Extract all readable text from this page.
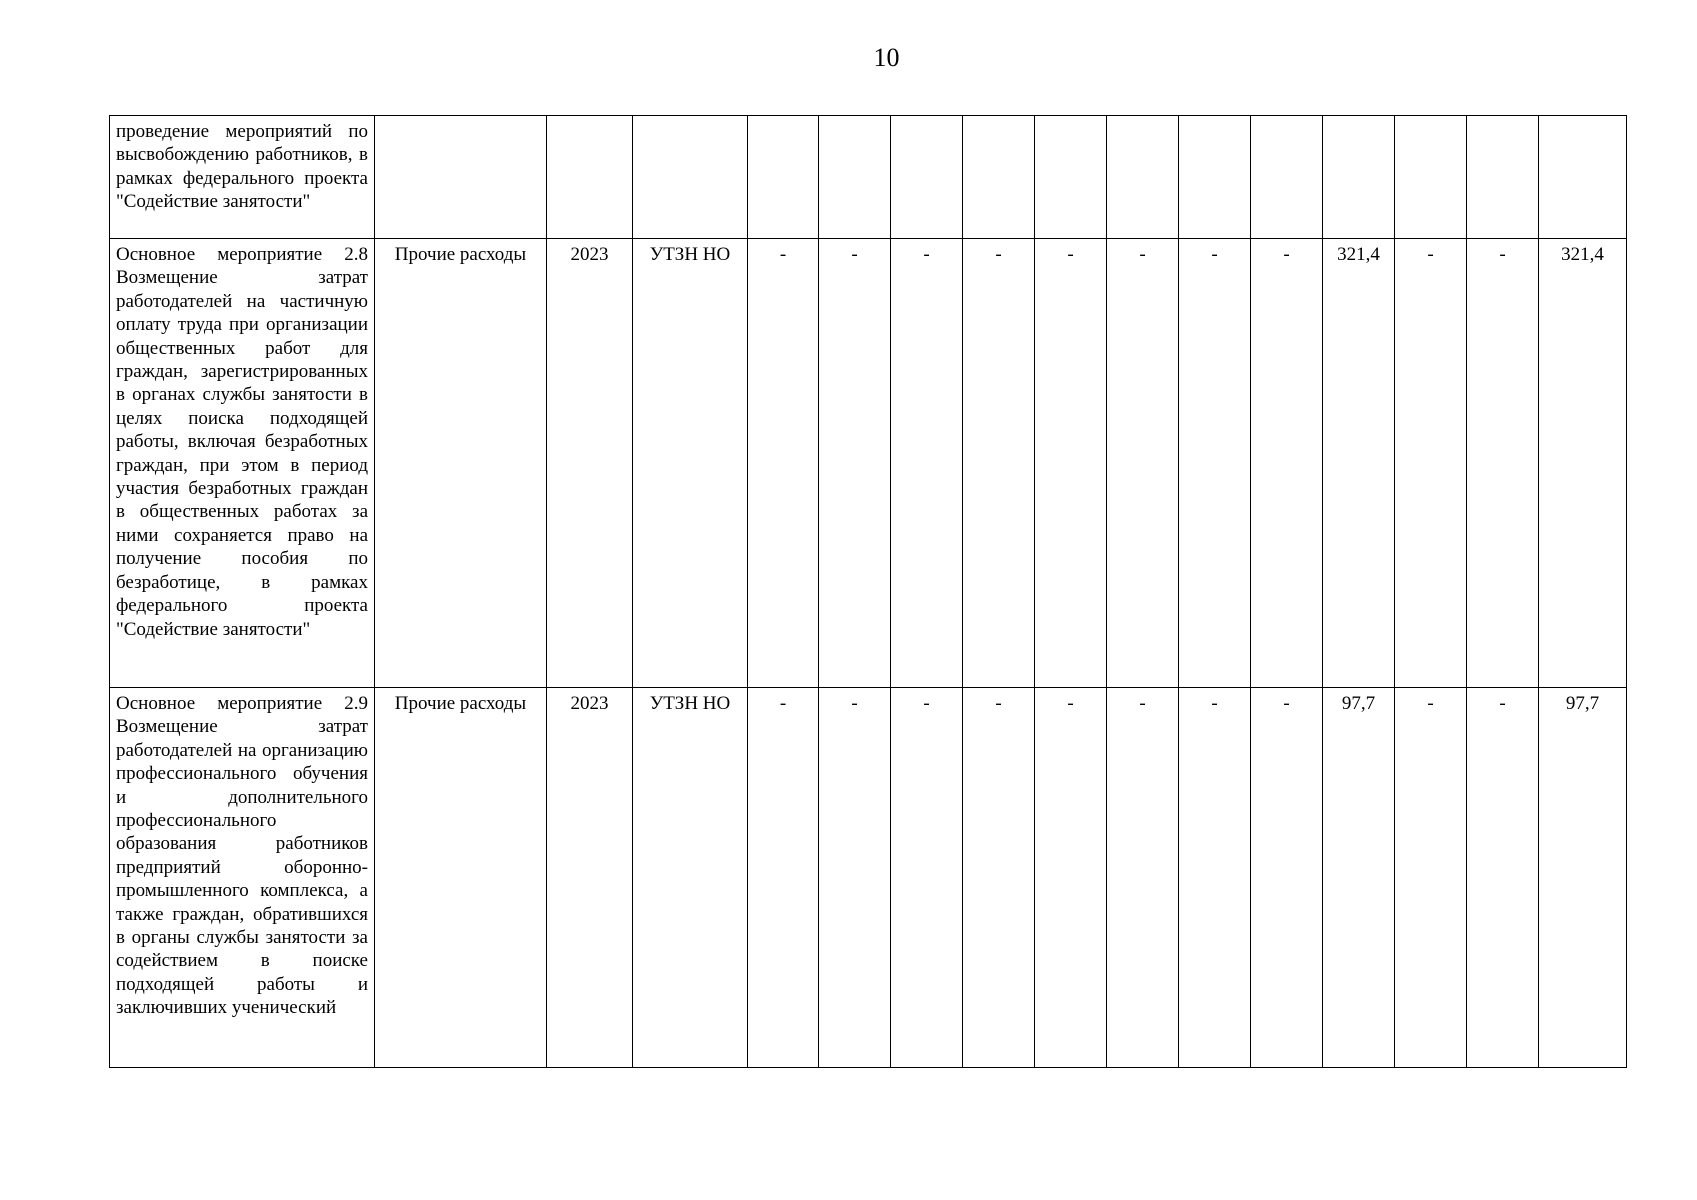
10
проведение мероприятий по высвобождению работников, в рамках федерального проекта "Содействие занятости"															
Основное мероприятие 2.8 Возмещение затрат работодателей на частичную оплату труда при организации общественных работ для граждан, зарегистрированных в органах службы занятости в целях поиска подходящей работы, включая безработных граждан, при этом в период участия безработных граждан в общественных работах за ними сохраняется право на получение пособия по безработице, в рамках федерального проекта "Содействие занятости"	Прочие расходы	2023	УТЗН НО	-	-	-	-	-	-	-	-	321,4	-	-	321,4
Основное мероприятие 2.9 Возмещение затрат работодателей на организацию профессионального обучения и дополнительного профессионального образования работников предприятий оборонно-промышленного комплекса, а также граждан, обратившихся в органы службы занятости за содействием в поиске подходящей работы и заключивших ученический	Прочие расходы	2023	УТЗН НО	-	-	-	-	-	-	-	-	97,7	-	-	97,7
